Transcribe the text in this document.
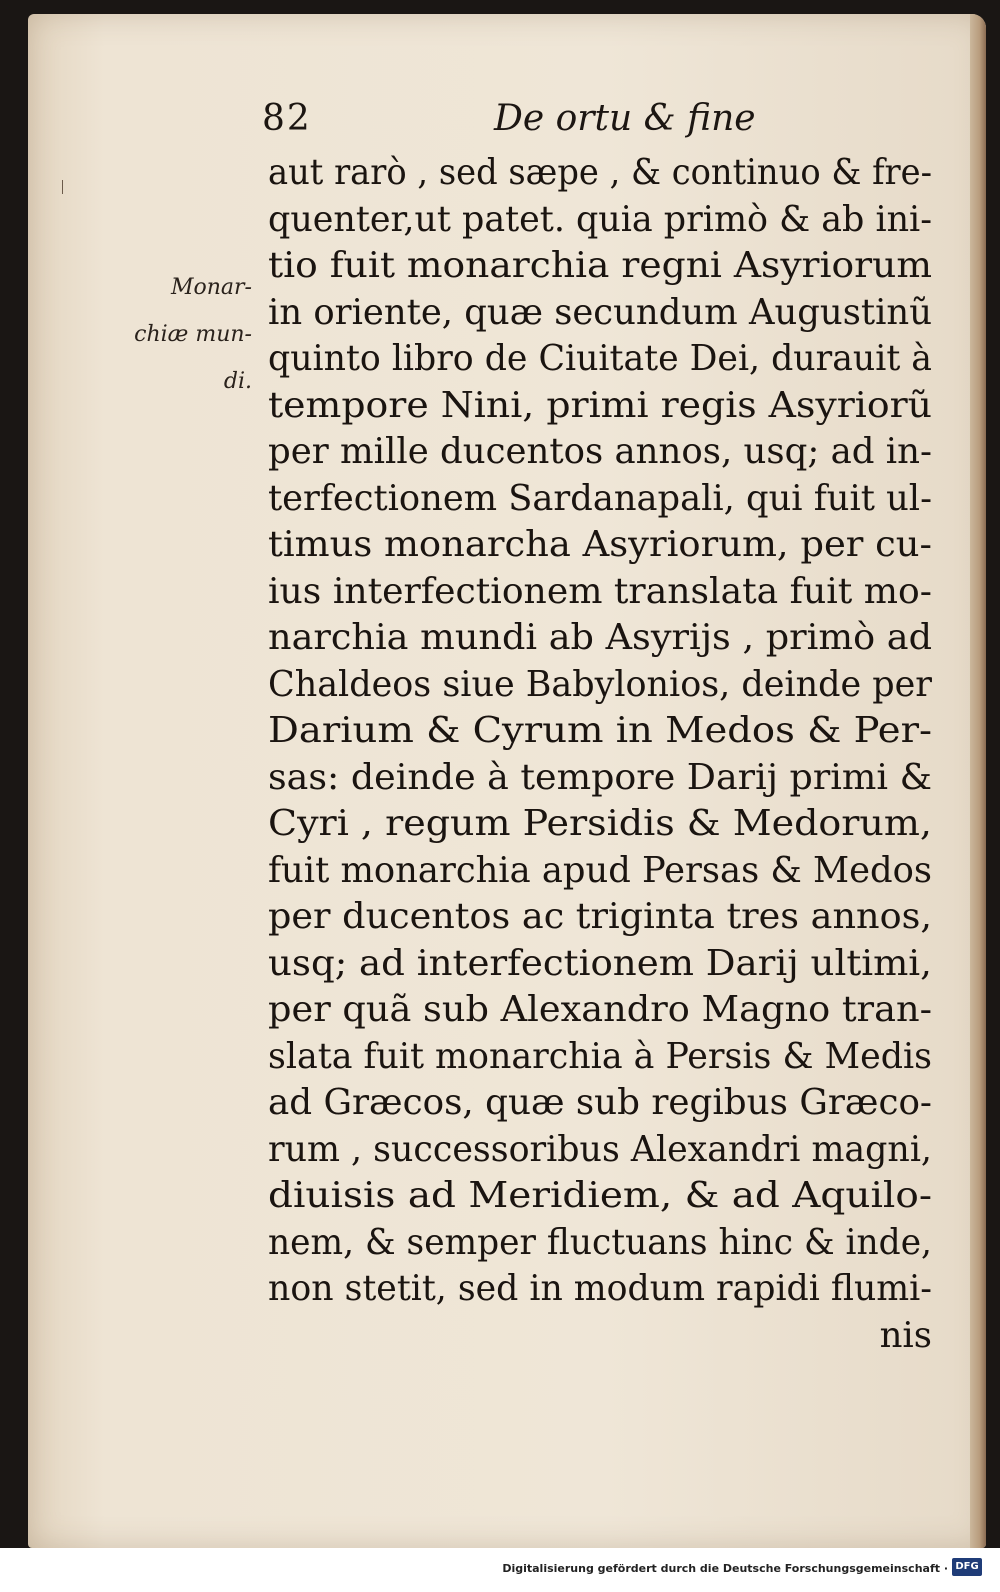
82	De ortu & fine
Monar-
chiæ mun-
di.
aut rarò , sed sæpe , & continuo & fre-
quenter,ut patet. quia primò & ab ini-
tio fuit monarchia regni Asyriorum
in oriente, quæ secundum Augustinũ
quinto libro de Ciuitate Dei, durauit à
tempore Nini, primi regis Asyriorũ
per mille ducentos annos, usq; ad in-
terfectionem Sardanapali, qui fuit ul-
timus monarcha Asyriorum, per cu-
ius interfectionem translata fuit mo-
narchia mundi ab Asyrijs , primò ad
Chaldeos siue Babylonios, deinde per
Darium & Cyrum in Medos & Per-
sas: deinde à tempore Darij primi &
Cyri , regum Persidis & Medorum,
fuit monarchia apud Persas & Medos
per ducentos ac triginta tres annos,
usq; ad interfectionem Darij ultimi,
per quã sub Alexandro Magno tran-
slata fuit monarchia à Persis & Medis
ad Græcos, quæ sub regibus Græco-
rum , successoribus Alexandri magni,
diuisis ad Meridiem, & ad Aquilo-
nem, & semper fluctuans hinc & inde,
non stetit, sed in modum rapidi flumi-
nis
Digitalisierung gefördert durch die Deutsche Forschungsgemeinschaft · DFG
